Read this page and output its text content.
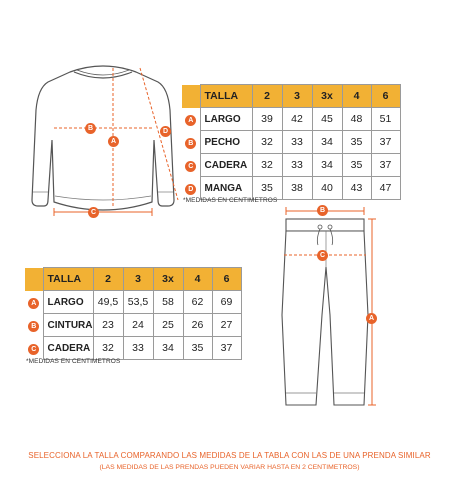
A
B
C
D
	TALLA	2	3	3x	4	6
A	LARGO	39	42	45	48	51
B	PECHO	32	33	34	35	37
C	CADERA	32	33	34	35	37
D	MANGA	35	38	40	43	47
*MEDIDAS EN CENTIMETROS
	TALLA	2	3	3x	4	6
A	LARGO	49,5	53,5	58	62	69
B	CINTURA	23	24	25	26	27
C	CADERA	32	33	34	35	37
*MEDIDAS EN CENTIMETROS
B
C
A
SELECCIONA LA TALLA COMPARANDO LAS MEDIDAS DE LA TABLA CON LAS DE UNA PRENDA SIMILAR
(LAS MEDIDAS DE LAS PRENDAS PUEDEN VARIAR HASTA EN 2 CENTIMETROS)
